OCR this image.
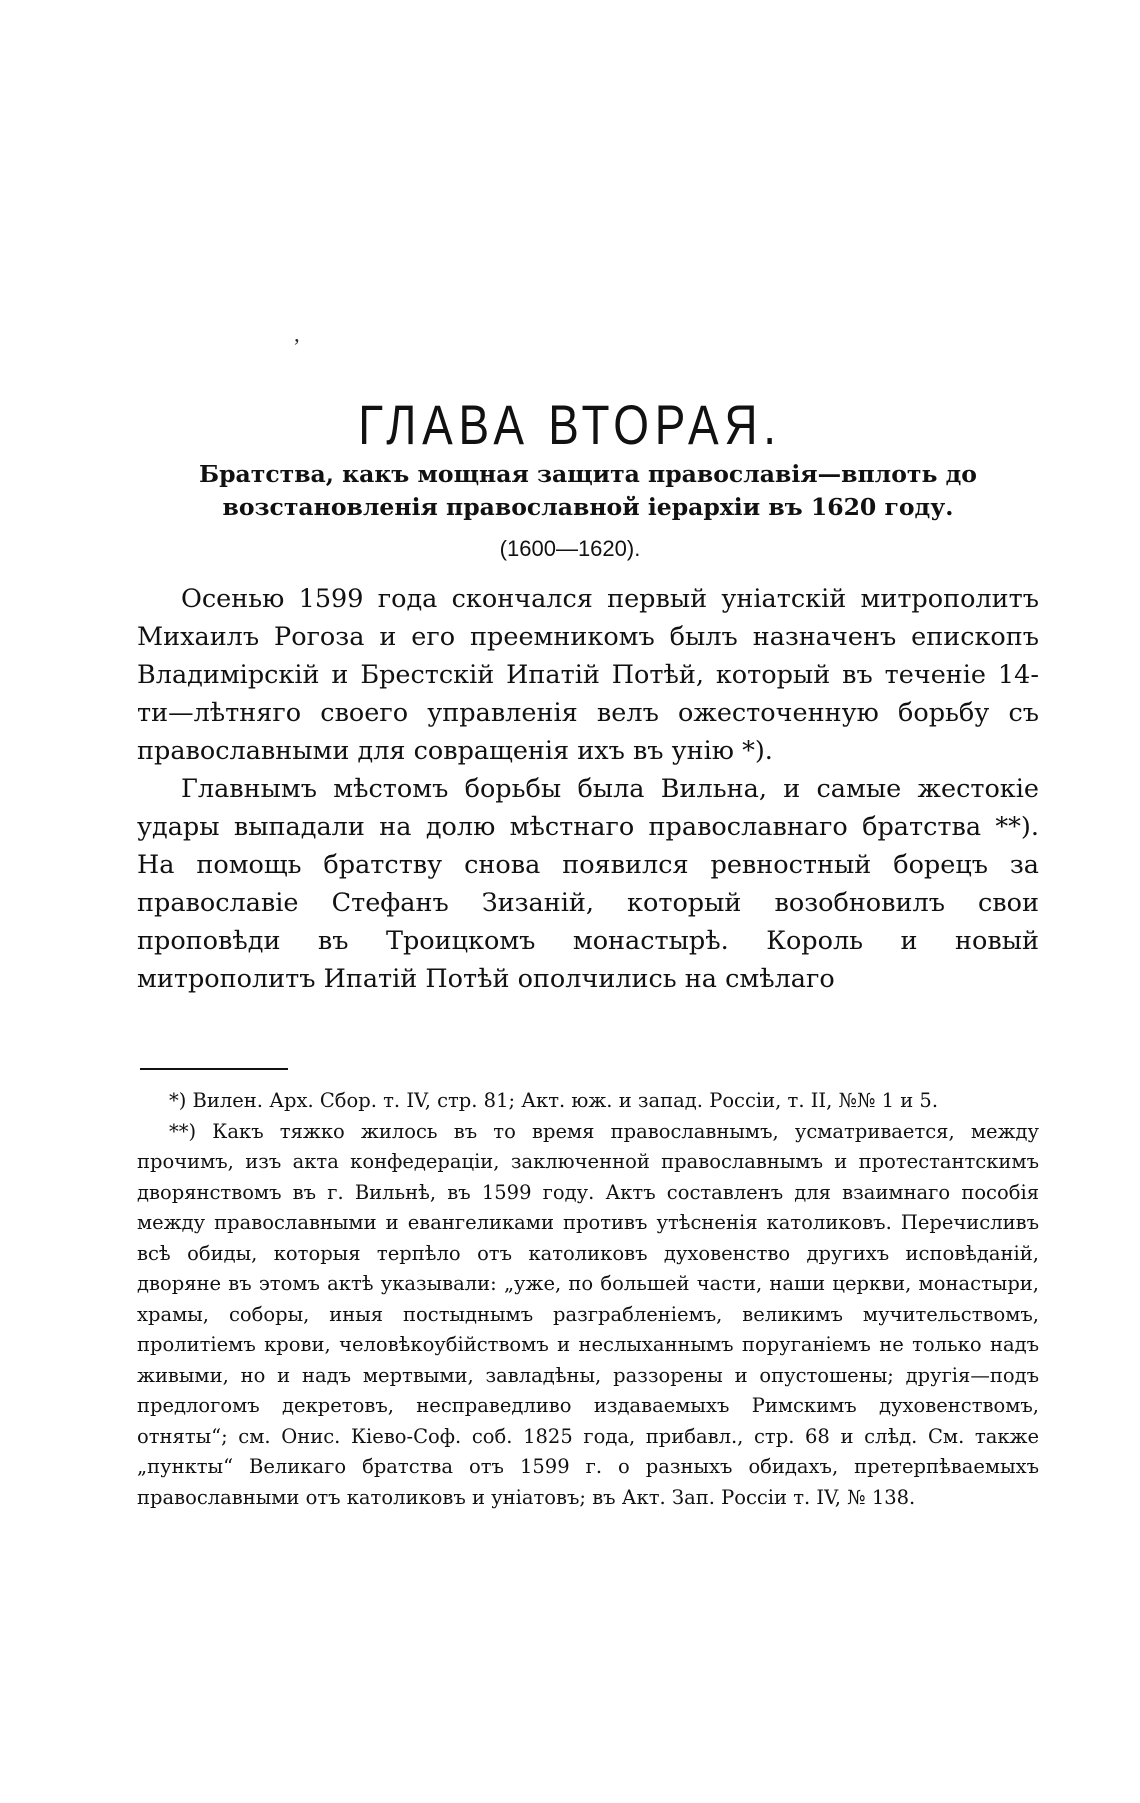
ʼ
ГЛАВА ВТОРАЯ.

Братства, какъ мощная защита православія—вплоть до возстановленія православной іерархіи въ 1620 году.

(1600—1620).

Осенью 1599 года скончался первый уніатскій митрополитъ Михаилъ Рогоза и его преемникомъ былъ назначенъ епископъ Владимірскій и Брестскій Ипатій Потѣй, который въ теченіе 14-ти—лѣтняго своего управленія велъ ожесточенную борьбу съ православными для совращенія ихъ въ унію *).

Главнымъ мѣстомъ борьбы была Вильна, и самые жестокіе удары выпадали на долю мѣстнаго православнаго братства **). На помощь братству снова появился ревностный борецъ за православіе Стефанъ Зизаній, который возобновилъ свои проповѣди въ Троицкомъ монастырѣ. Король и новый митрополитъ Ипатій Потѣй ополчились на смѣлаго

*) Вилен. Арх. Сбор. т. IV, стр. 81; Акт. юж. и запад. Россіи, т. II, №№ 1 и 5.

**) Какъ тяжко жилось въ то время православнымъ, усматривается, между прочимъ, изъ акта конфедераціи, заключенной православнымъ и протестантскимъ дворянствомъ въ г. Вильнѣ, въ 1599 году. Актъ составленъ для взаимнаго пособія между православными и евангеликами противъ утѣсненія католиковъ. Перечисливъ всѣ обиды, которыя терпѣло отъ католиковъ духовенство другихъ исповѣданій, дворяне въ этомъ актѣ указывали: „уже, по большей части, наши церкви, монастыри, храмы, соборы, иныя постыднымъ разграбленіемъ, великимъ мучительствомъ, пролитіемъ крови, человѣкоубійствомъ и неслыханнымъ поруганіемъ не только надъ живыми, но и надъ мертвыми, завладѣны, раззорены и опустошены; другія—подъ предлогомъ декретовъ, несправедливо издаваемыхъ Римскимъ духовенствомъ, отняты“; см. Онис. Кіево-Соф. соб. 1825 года, прибавл., стр. 68 и слѣд. См. также „пункты“ Великаго братства отъ 1599 г. о разныхъ обидахъ, претерпѣваемыхъ православными отъ католиковъ и уніатовъ; въ Акт. Зап. Россіи т. IV, № 138.
